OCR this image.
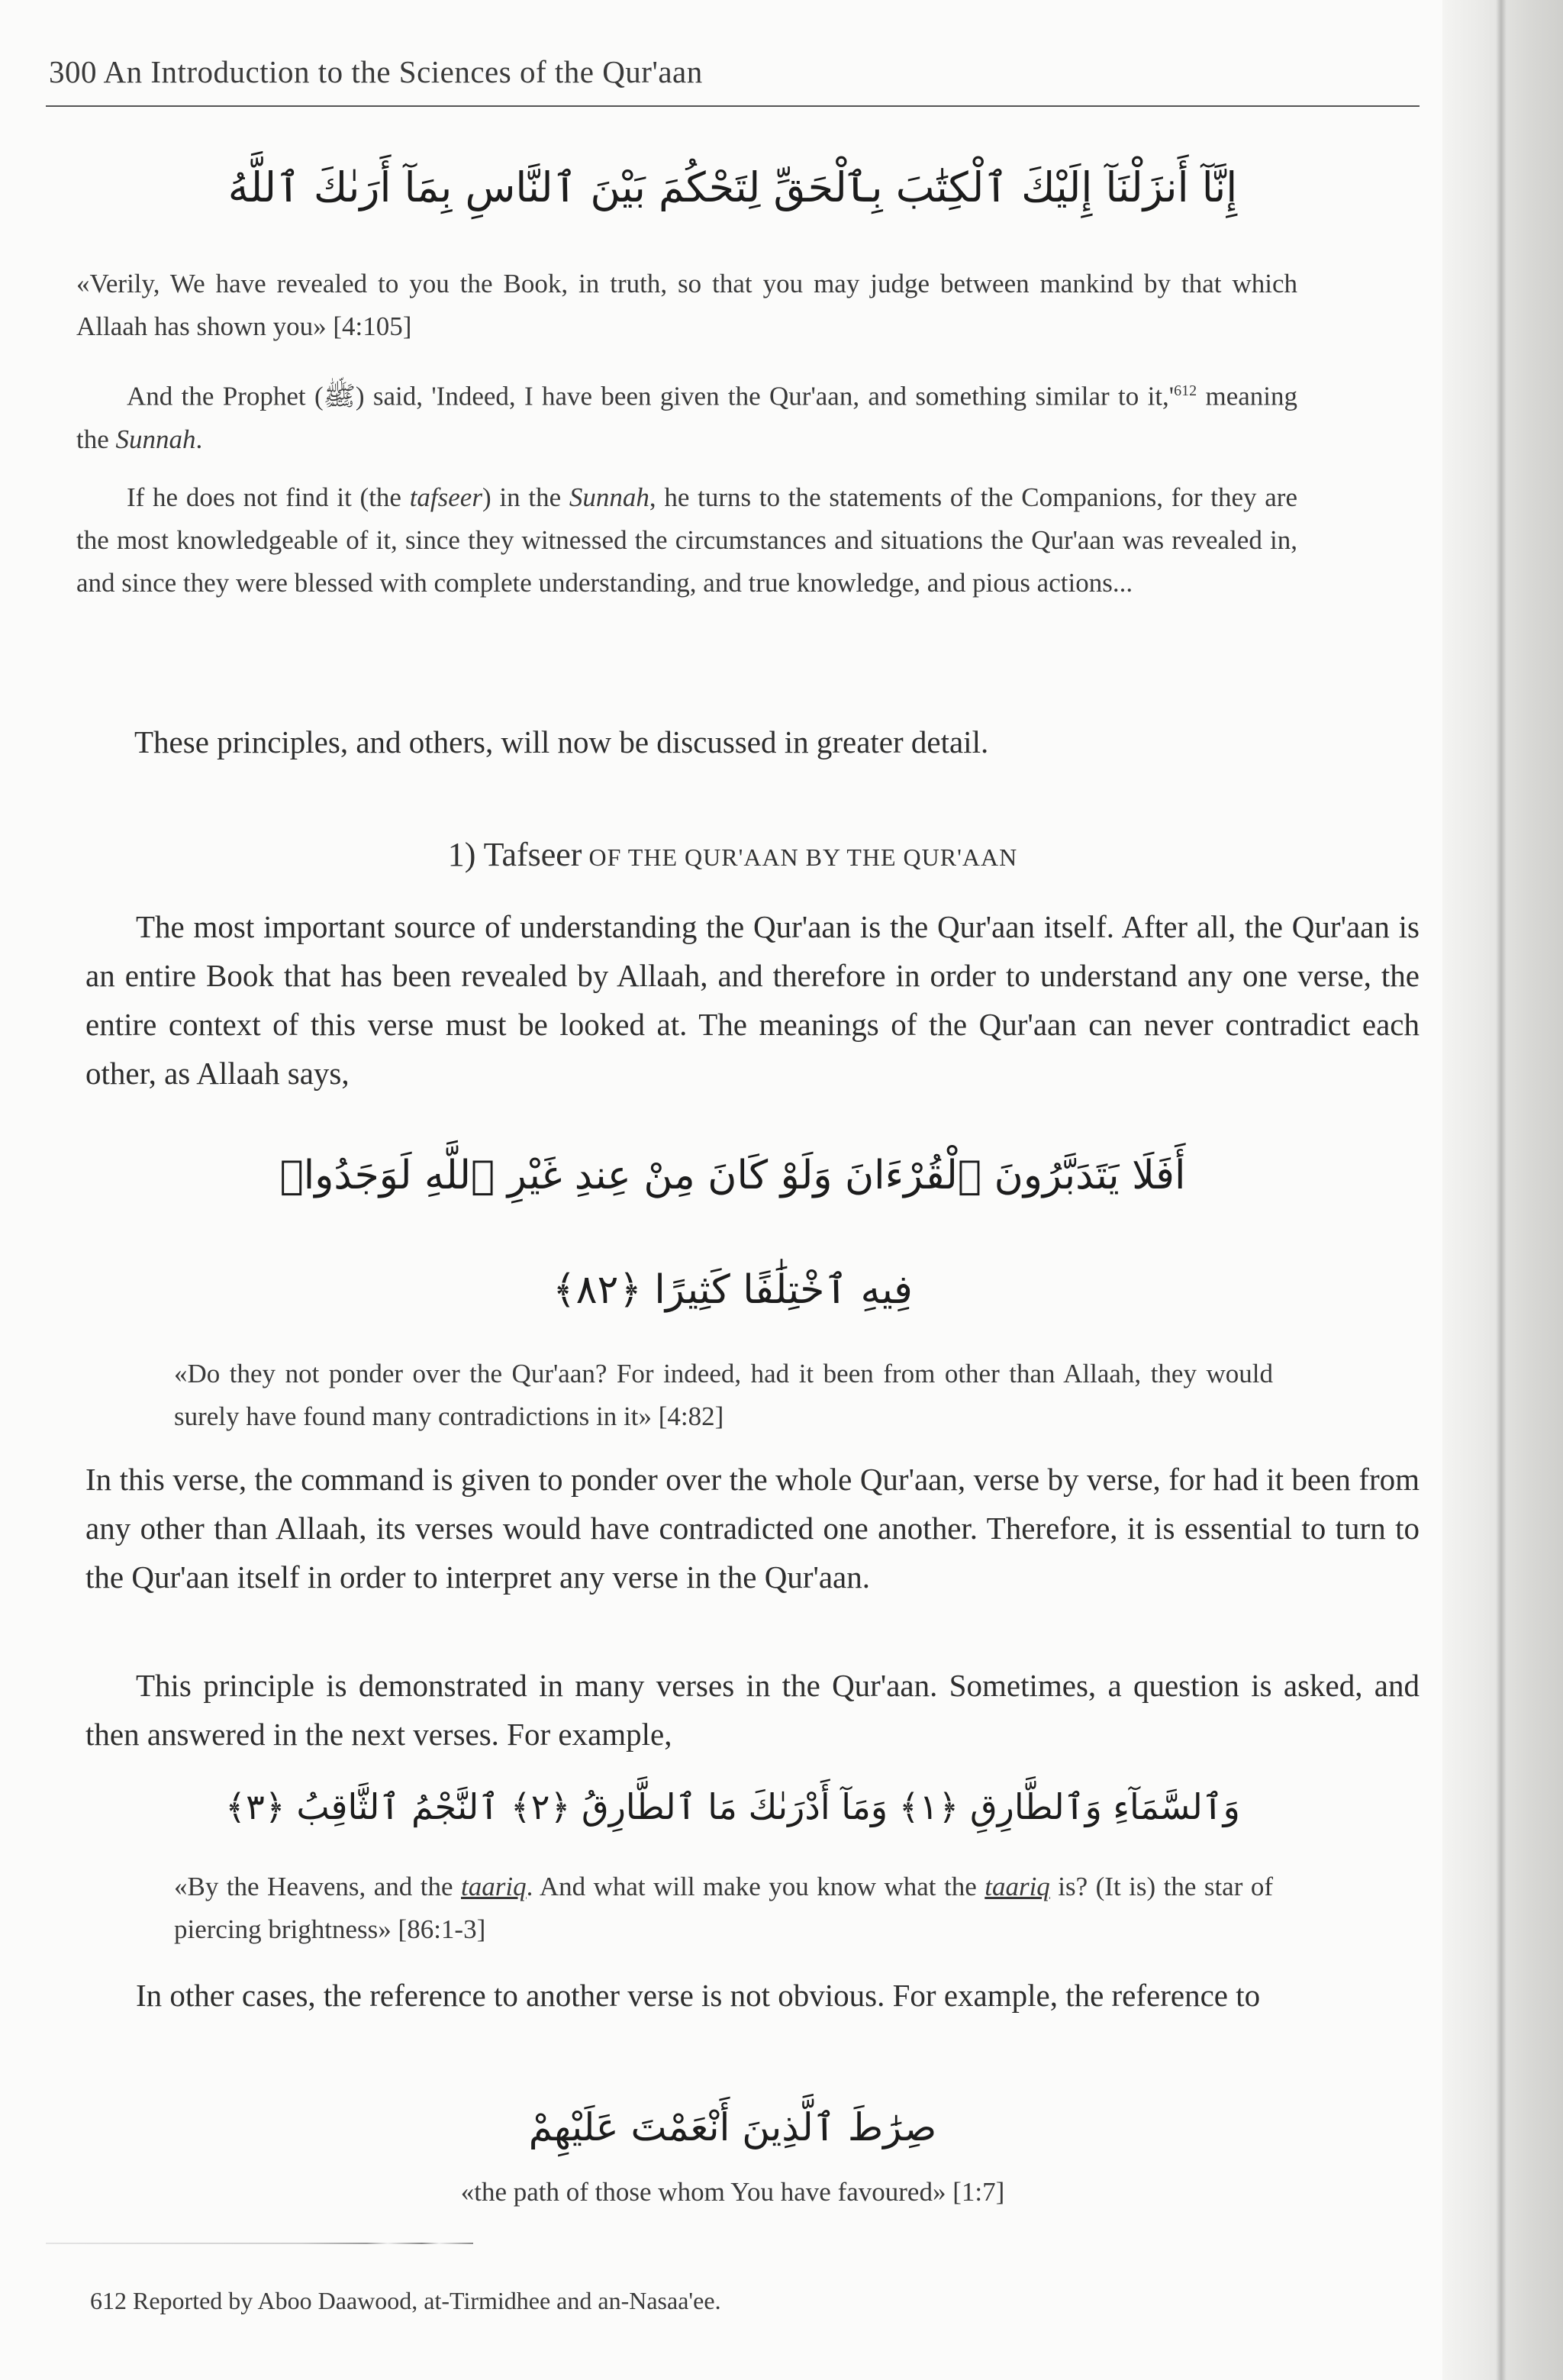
300 An Introduction to the Sciences of the Qur'aan
إِنَّآ أَنزَلْنَآ إِلَيْكَ ٱلْكِتَٰبَ بِٱلْحَقِّ لِتَحْكُمَ بَيْنَ ٱلنَّاسِ بِمَآ أَرَىٰكَ ٱللَّهُ
«Verily, We have revealed to you the Book, in truth, so that you may judge between mankind by that which Allaah has shown you» [4:105]
And the Prophet (ﷺ) said, 'Indeed, I have been given the Qur'aan, and something similar to $it,'^{612}$ meaning the Sunnah.
If he does not find it (the tafseer) in the Sunnah, he turns to the statements of the Companions, for they are the most knowledgeable of it, since they witnessed the circumstances and situations the Qur'aan was revealed in, and since they were blessed with complete understanding, and true knowledge, and pious actions...
These principles, and others, will now be discussed in greater detail.
1) Tafseer OF THE QUR'AAN BY THE QUR'AAN
The most important source of understanding the Qur'aan is the Qur'aan itself. After all, the Qur'aan is an entire Book that has been revealed by Allaah, and therefore in order to understand any one verse, the entire context of this verse must be looked at. The meanings of the Qur'aan can never contradict each other, as Allaah says,
أَفَلَا يَتَدَبَّرُونَ ٱلْقُرْءَانَ وَلَوْ كَانَ مِنْ عِندِ غَيْرِ ٱللَّهِ لَوَجَدُوا۟
فِيهِ ٱخْتِلَٰفًا كَثِيرًا ﴿٨٢﴾
«Do they not ponder over the Qur'aan? For indeed, had it been from other than Allaah, they would surely have found many contradictions in it» [4:82]
In this verse, the command is given to ponder over the whole Qur'aan, verse by verse, for had it been from any other than Allaah, its verses would have contradicted one another. Therefore, it is essential to turn to the Qur'aan itself in order to interpret any verse in the Qur'aan.
This principle is demonstrated in many verses in the Qur'aan. Sometimes, a question is asked, and then answered in the next verses. For example,
وَٱلسَّمَآءِ وَٱلطَّارِقِ ﴿١﴾ وَمَآ أَدْرَىٰكَ مَا ٱلطَّارِقُ ﴿٢﴾ ٱلنَّجْمُ ٱلثَّاقِبُ ﴿٣﴾
«By the Heavens, and the taariq. And what will make you know what the taariq is? (It is) the star of piercing brightness» [86:1-3]
In other cases, the reference to another verse is not obvious. For example, the reference to
صِرَٰطَ ٱلَّذِينَ أَنْعَمْتَ عَلَيْهِمْ
«the path of those whom You have favoured» [1:7]
612 Reported by Aboo Daawood, at-Tirmidhee and an-Nasaa'ee.
